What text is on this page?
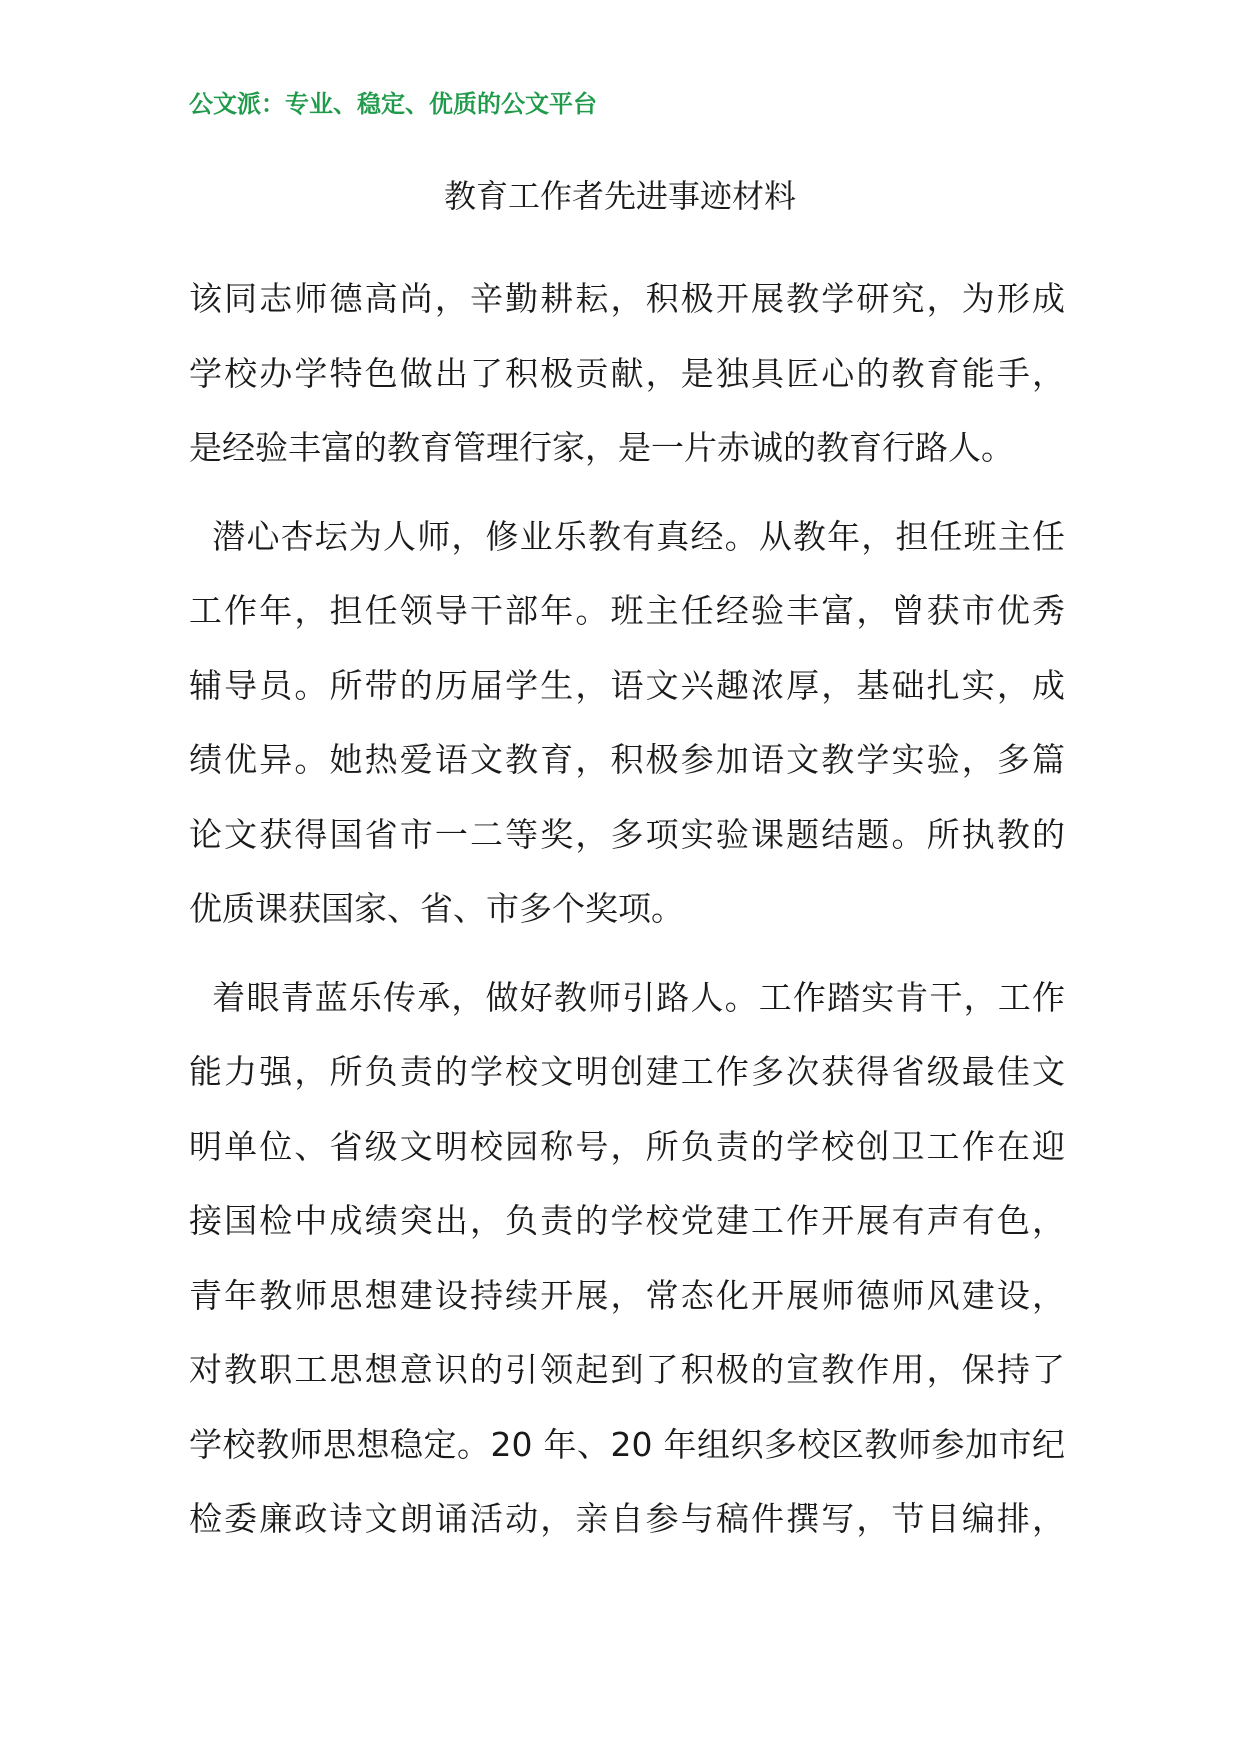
公文派：专业、稳定、优质的公文平台
教育工作者先进事迹材料
该同志师德高尚，辛勤耕耘，积极开展教学研究，为形成
学校办学特色做出了积极贡献，是独具匠心的教育能手，
是经验丰富的教育管理行家，是一片赤诚的教育行路人。
潜心杏坛为人师，修业乐教有真经。从教年，担任班主任
工作年，担任领导干部年。班主任经验丰富，曾获市优秀
辅导员。所带的历届学生，语文兴趣浓厚，基础扎实，成
绩优异。她热爱语文教育，积极参加语文教学实验，多篇
论文获得国省市一二等奖，多项实验课题结题。所执教的
优质课获国家、省、市多个奖项。
着眼青蓝乐传承，做好教师引路人。工作踏实肯干，工作
能力强，所负责的学校文明创建工作多次获得省级最佳文
明单位、省级文明校园称号，所负责的学校创卫工作在迎
接国检中成绩突出，负责的学校党建工作开展有声有色，
青年教师思想建设持续开展，常态化开展师德师风建设，
对教职工思想意识的引领起到了积极的宣教作用，保持了
学校教师思想稳定。20 年、20 年组织多校区教师参加市纪
检委廉政诗文朗诵活动，亲自参与稿件撰写，节目编排，
